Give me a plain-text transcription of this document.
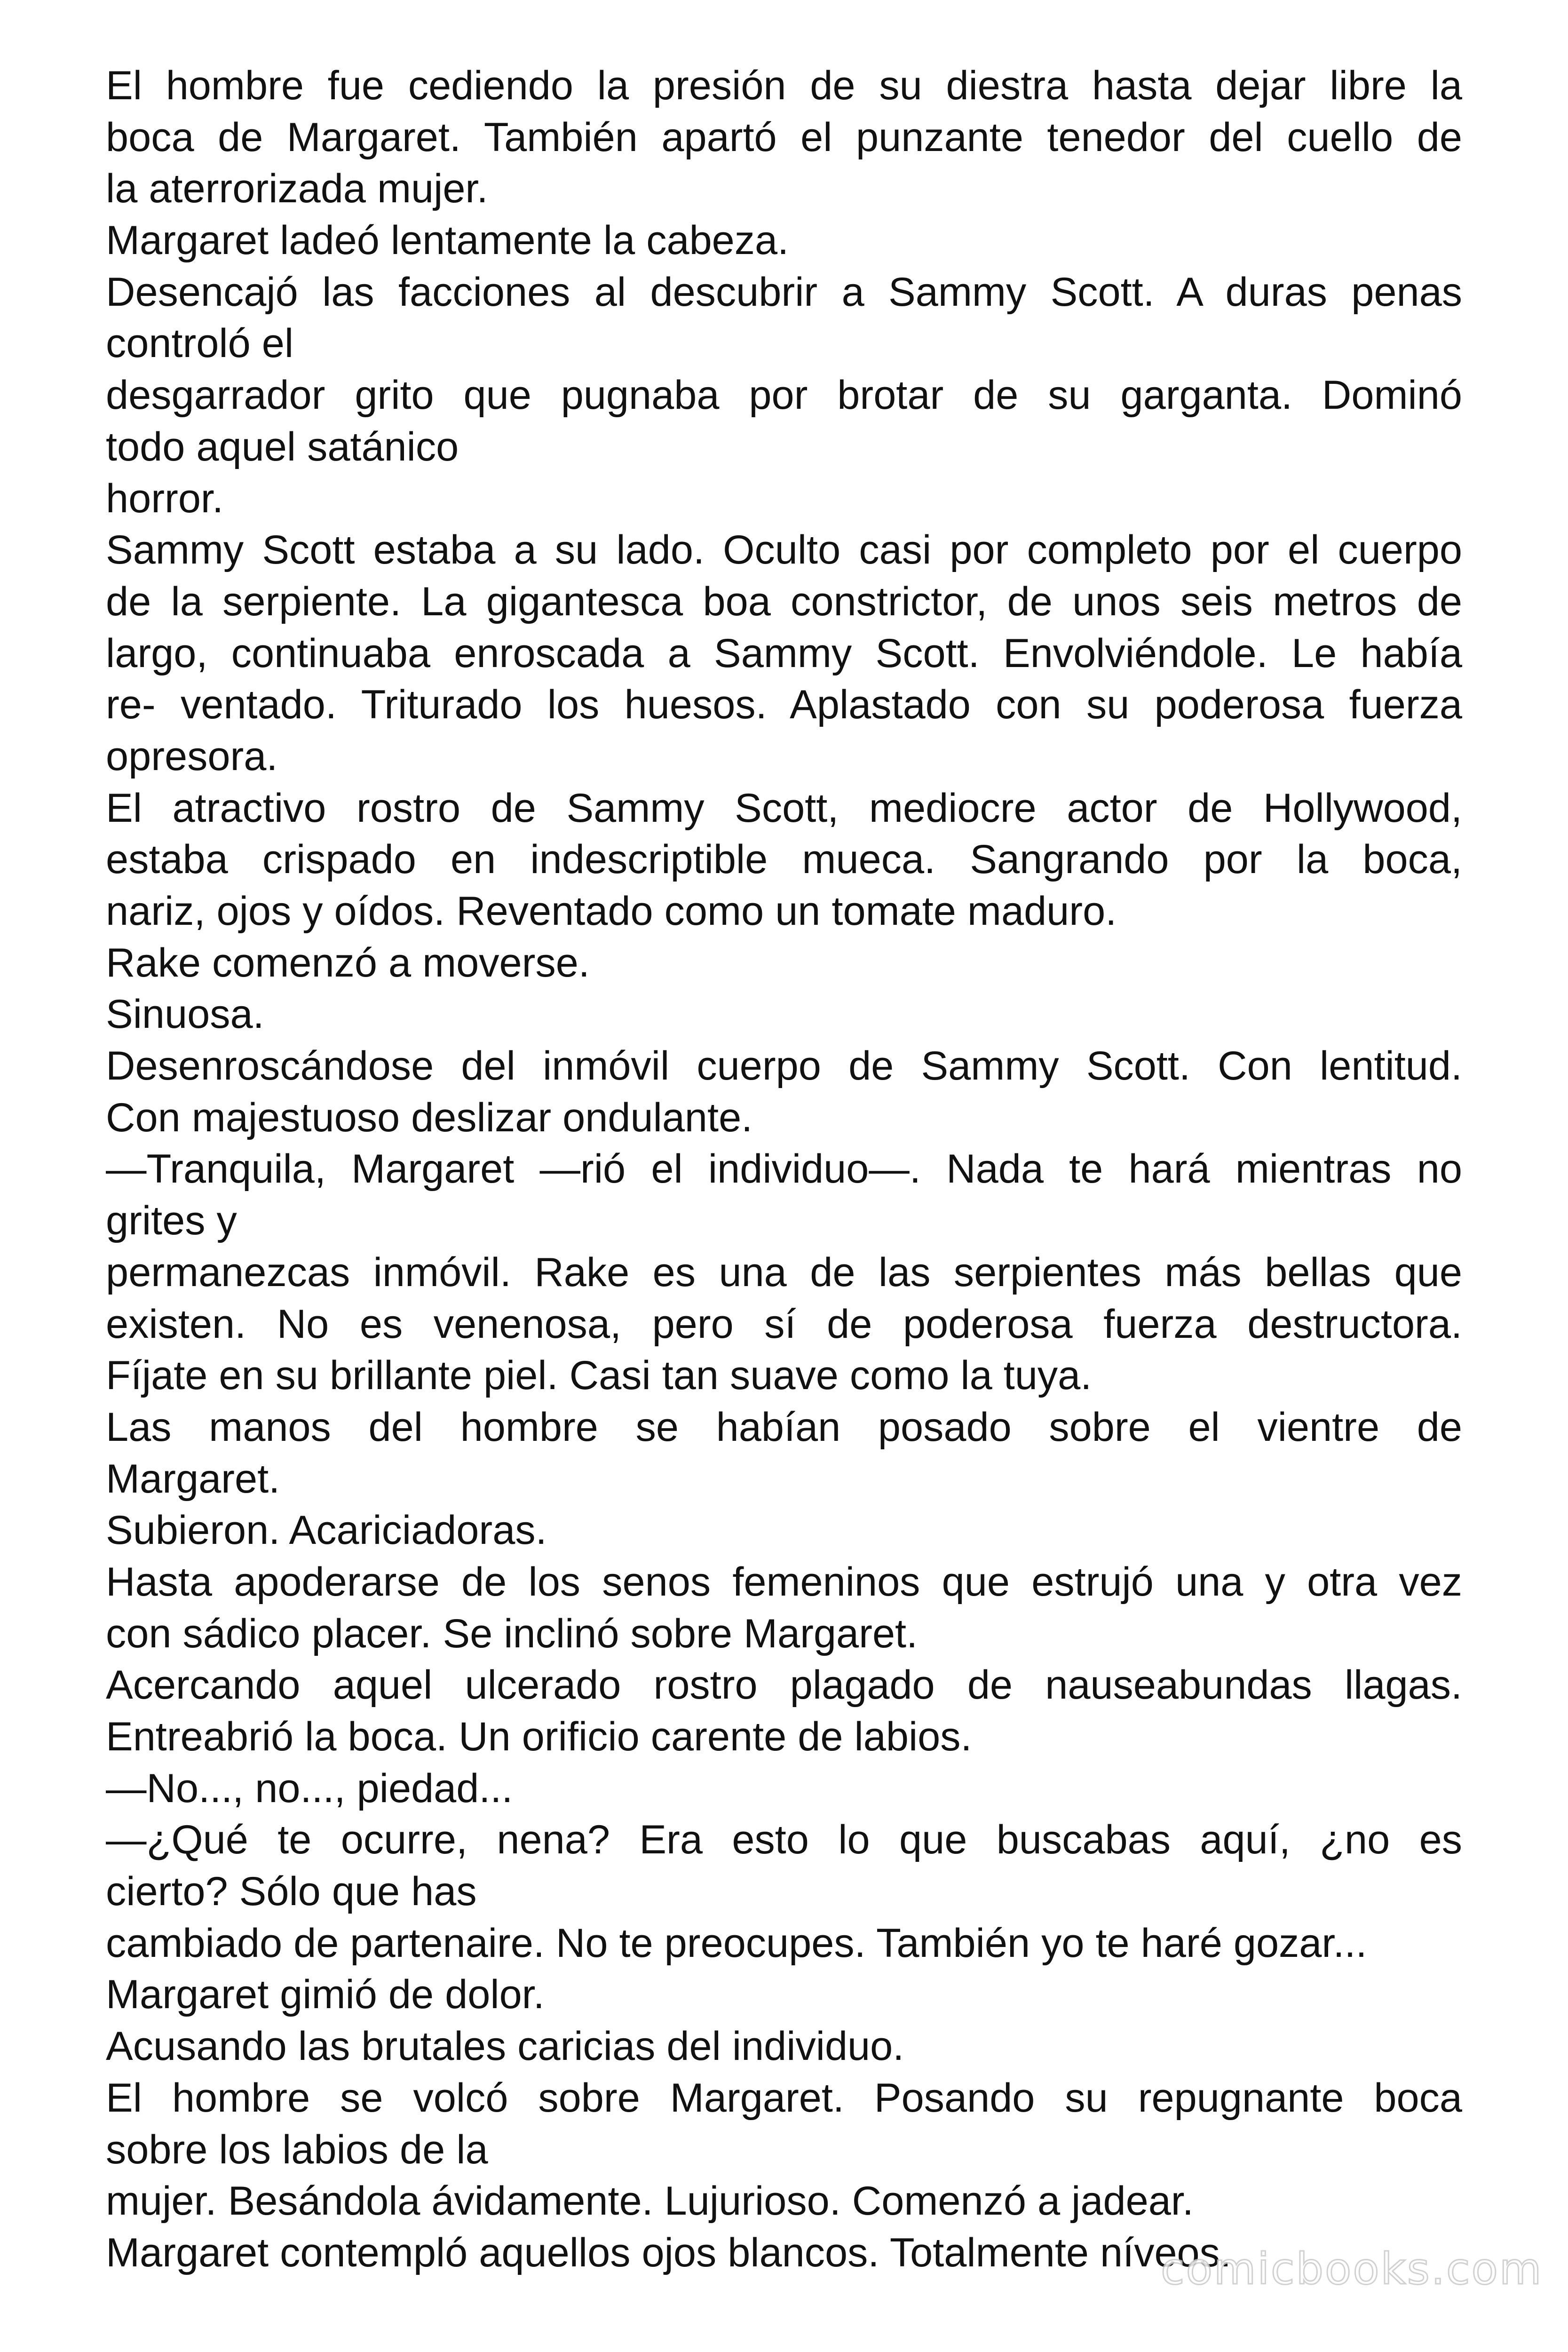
El hombre fue cediendo la presión de su diestra hasta dejar libre la
boca de Margaret. También apartó el punzante tenedor del cuello de
la aterrorizada mujer.
Margaret ladeó lentamente la cabeza.
Desencajó las facciones al descubrir a Sammy Scott. A duras penas
controló el
desgarrador grito que pugnaba por brotar de su garganta. Dominó
todo aquel satánico
horror.
Sammy Scott estaba a su lado. Oculto casi por completo por el cuerpo
de la serpiente. La gigantesca boa constrictor, de unos seis metros de
largo, continuaba enroscada a Sammy Scott. Envolviéndole. Le había
re- ventado. Triturado los huesos. Aplastado con su poderosa fuerza
opresora.
El atractivo rostro de Sammy Scott, mediocre actor de Hollywood,
estaba crispado en indescriptible mueca. Sangrando por la boca,
nariz, ojos y oídos. Reventado como un tomate maduro.
Rake comenzó a moverse.
Sinuosa.
Desenroscándose del inmóvil cuerpo de Sammy Scott. Con lentitud.
Con majestuoso deslizar ondulante.
—Tranquila, Margaret —rió el individuo—. Nada te hará mientras no
grites y
permanezcas inmóvil. Rake es una de las serpientes más bellas que
existen. No es venenosa, pero sí de poderosa fuerza destructora.
Fíjate en su brillante piel. Casi tan suave como la tuya.
Las manos del hombre se habían posado sobre el vientre de
Margaret.
Subieron. Acariciadoras.
Hasta apoderarse de los senos femeninos que estrujó una y otra vez
con sádico placer. Se inclinó sobre Margaret.
Acercando aquel ulcerado rostro plagado de nauseabundas llagas.
Entreabrió la boca. Un orificio carente de labios.
—No..., no..., piedad...
—¿Qué te ocurre, nena? Era esto lo que buscabas aquí, ¿no es
cierto? Sólo que has
cambiado de partenaire. No te preocupes. También yo te haré gozar...
Margaret gimió de dolor.
Acusando las brutales caricias del individuo.
El hombre se volcó sobre Margaret. Posando su repugnante boca
sobre los labios de la
mujer. Besándola ávidamente. Lujurioso. Comenzó a jadear.
Margaret contempló aquellos ojos blancos. Totalmente níveos.
comicbooks.com
